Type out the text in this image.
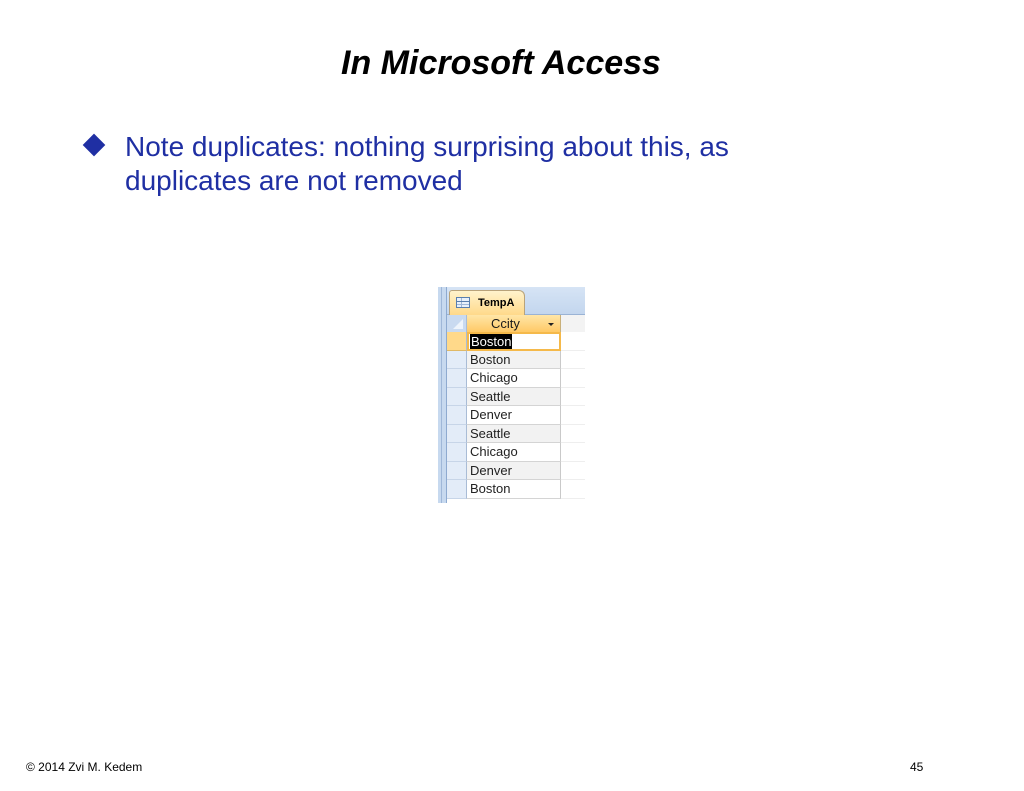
In Microsoft Access
Note duplicates: nothing surprising about this, as duplicates are not removed
TempA
Ccity
Boston
Boston
Chicago
Seattle
Denver
Seattle
Chicago
Denver
Boston
© 2014 Zvi M. Kedem	45
